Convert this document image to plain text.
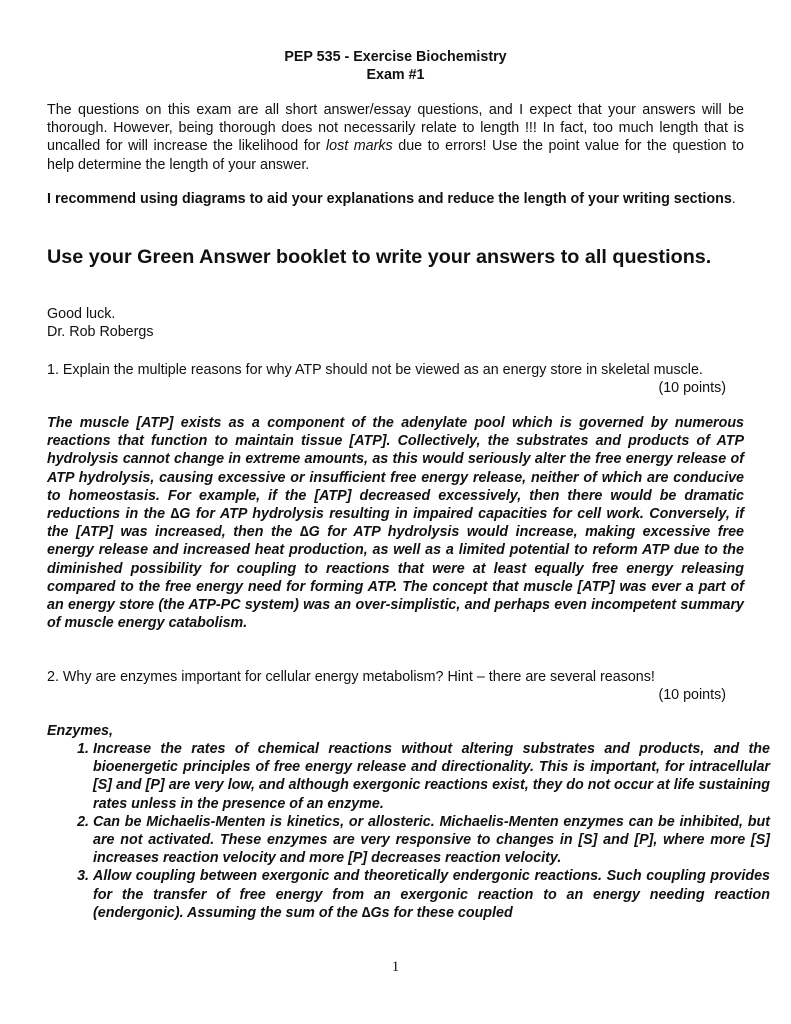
PEP 535 - Exercise Biochemistry
Exam #1

The questions on this exam are all short answer/essay questions, and I expect that your answers will be thorough. However, being thorough does not necessarily relate to length !!! In fact, too much length that is uncalled for will increase the likelihood for lost marks due to errors! Use the point value for the question to help determine the length of your answer.

I recommend using diagrams to aid your explanations and reduce the length of your writing sections.

Use your Green Answer booklet to write your answers to all questions.

Good luck.
Dr. Rob Robergs

1. Explain the multiple reasons for why ATP should not be viewed as an energy store in skeletal muscle.
(10 points)

The muscle [ATP] exists as a component of the adenylate pool which is governed by numerous reactions that function to maintain tissue [ATP]. Collectively, the substrates and products of ATP hydrolysis cannot change in extreme amounts, as this would seriously alter the free energy release of ATP hydrolysis, causing excessive or insufficient free energy release, neither of which are conducive to homeostasis. For example, if the [ATP] decreased excessively, then there would be dramatic reductions in the ∆G for ATP hydrolysis resulting in impaired capacities for cell work. Conversely, if the [ATP] was increased, then the ∆G for ATP hydrolysis would increase, making excessive free energy release and increased heat production, as well as a limited potential to reform ATP due to the diminished possibility for coupling to reactions that were at least equally free energy releasing compared to the free energy need for forming ATP. The concept that muscle [ATP] was ever a part of an energy store (the ATP-PC system) was an over-simplistic, and perhaps even incompetent summary of muscle energy catabolism.

2. Why are enzymes important for cellular energy metabolism? Hint – there are several reasons!
(10 points)
Enzymes,
1. Increase the rates of chemical reactions without altering substrates and products, and the bioenergetic principles of free energy release and directionality. This is important, for intracellular [S] and [P] are very low, and although exergonic reactions exist, they do not occur at life sustaining rates unless in the presence of an enzyme.
2. Can be Michaelis-Menten is kinetics, or allosteric. Michaelis-Menten enzymes can be inhibited, but are not activated. These enzymes are very responsive to changes in [S] and [P], where more [S] increases reaction velocity and more [P] decreases reaction velocity.
3. Allow coupling between exergonic and theoretically endergonic reactions. Such coupling provides for the transfer of free energy from an exergonic reaction to an energy needing reaction (endergonic). Assuming the sum of the ∆Gs for these coupled
1
